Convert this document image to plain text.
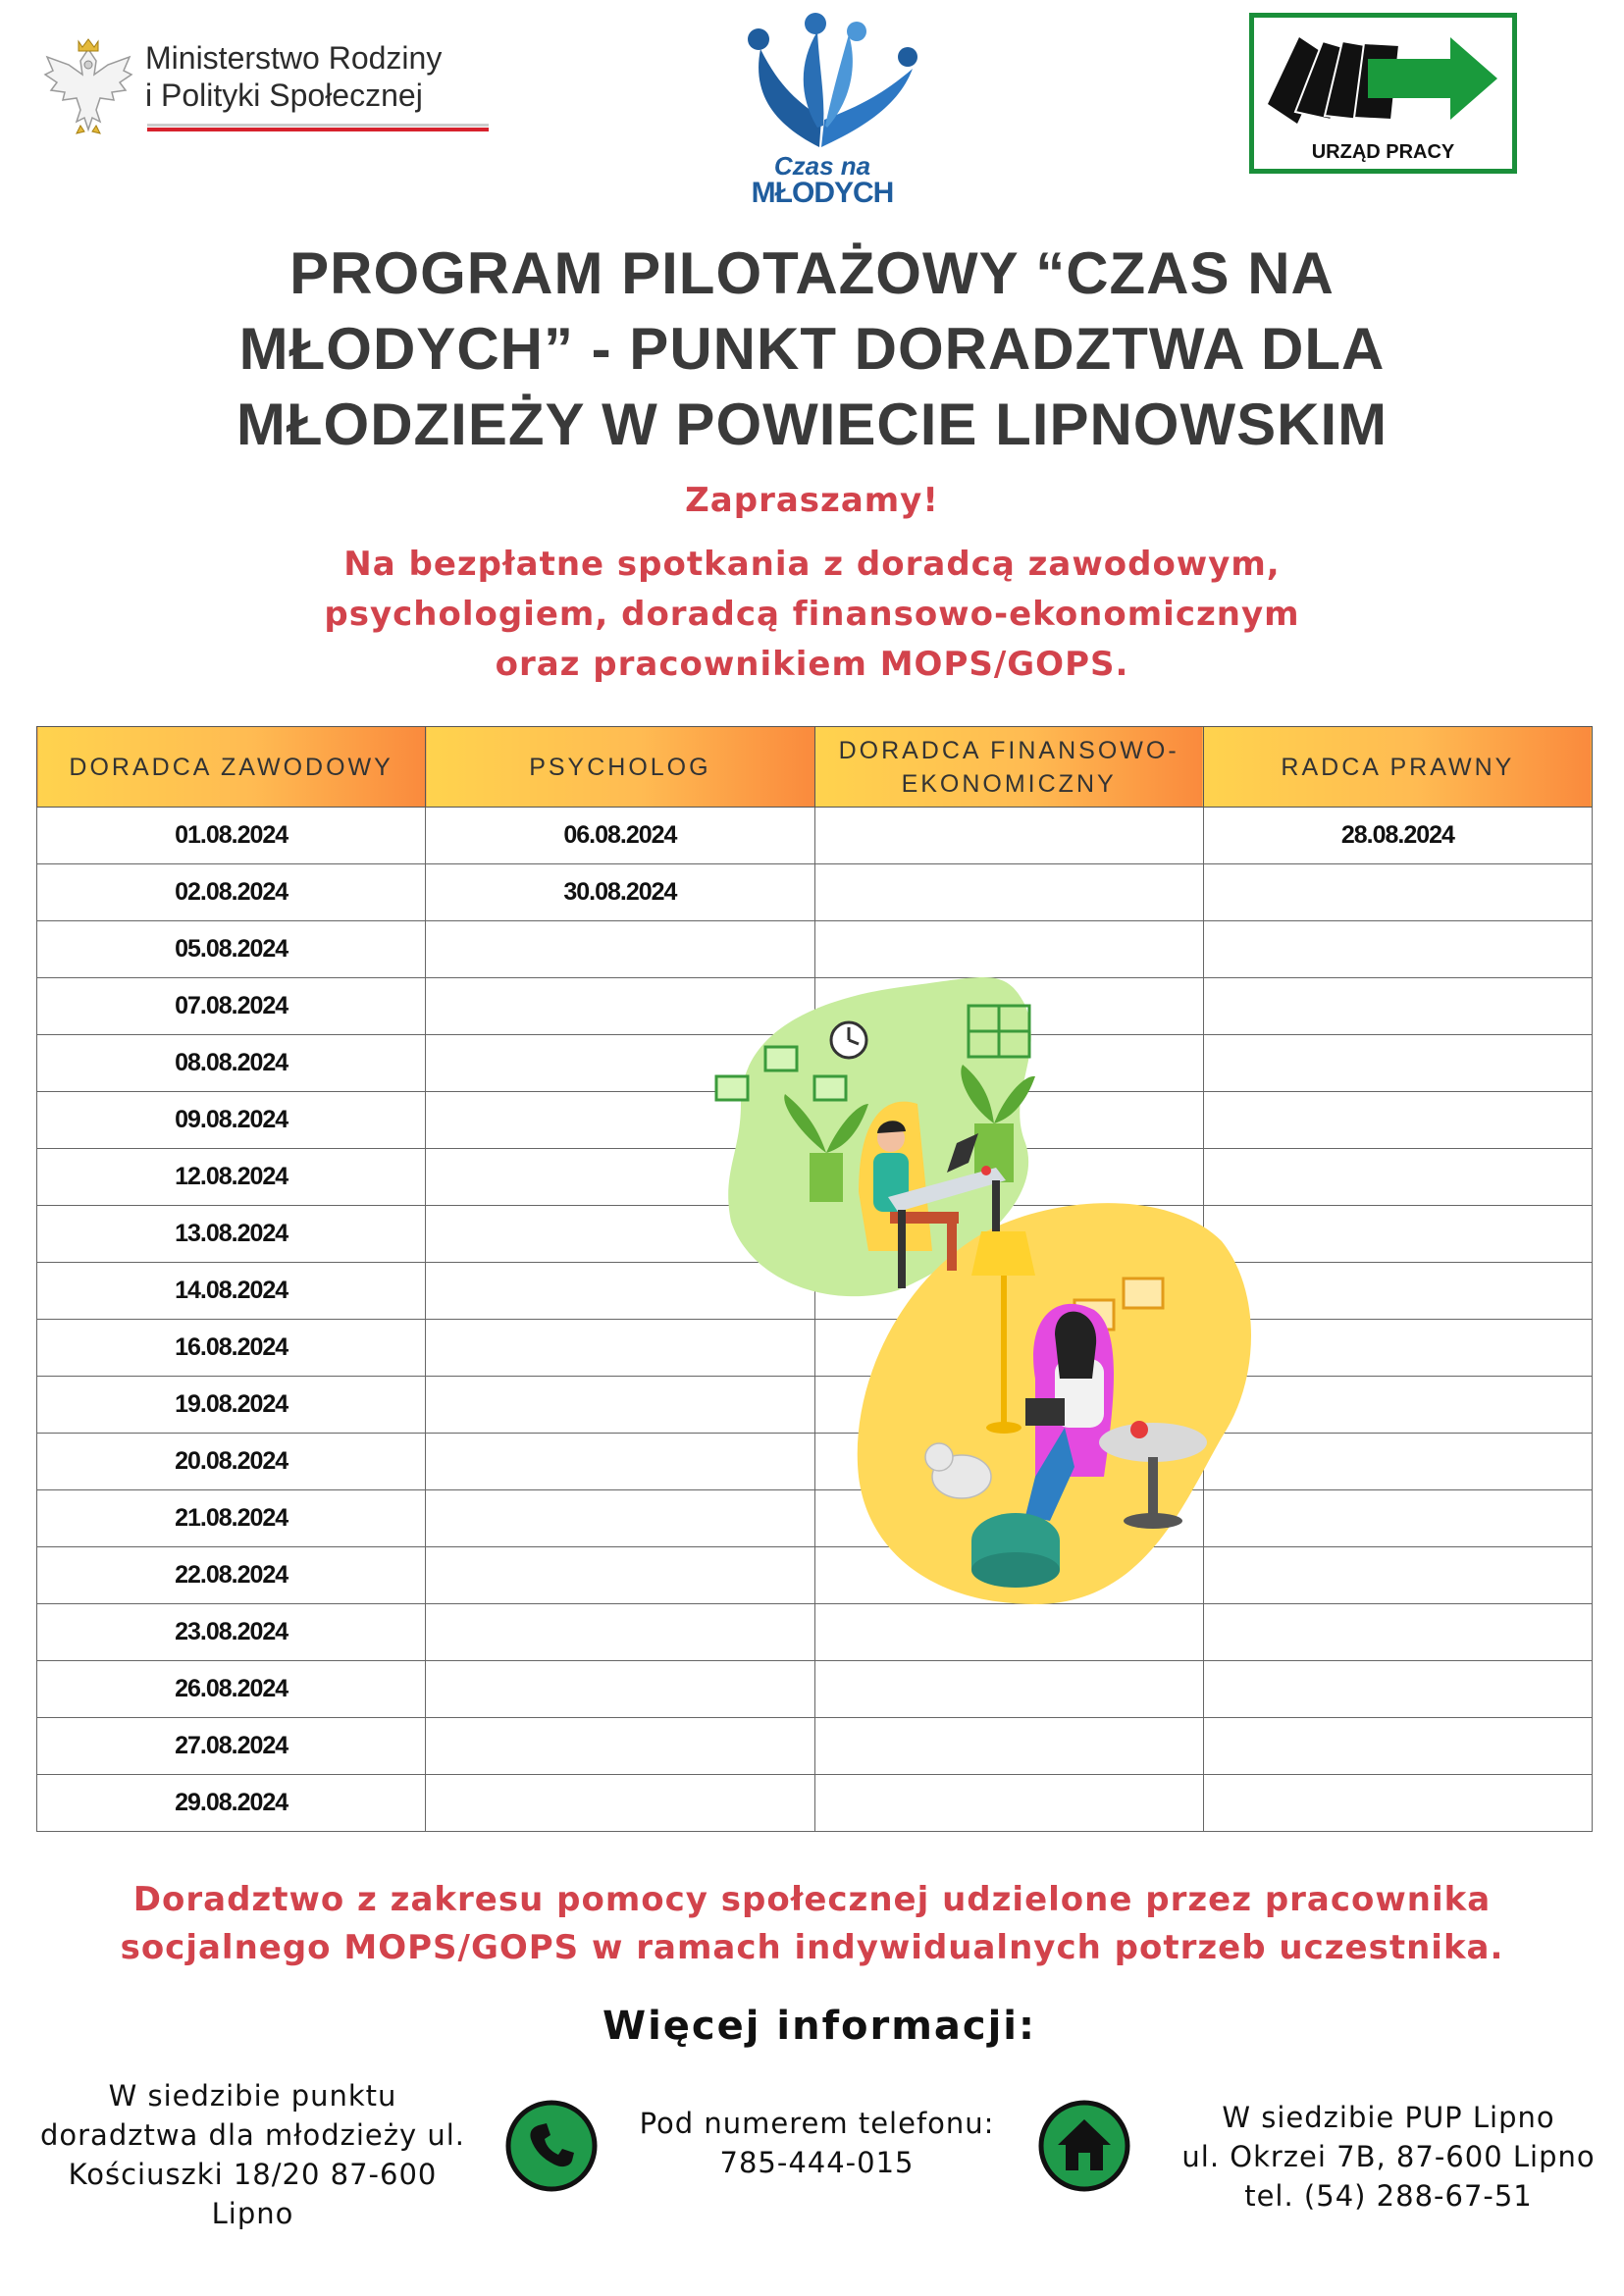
Ministerstwo Rodziny
i Polityki Społecznej
Czas na
MŁODYCH
URZĄD PRACY
PROGRAM PILOTAŻOWY “CZAS NA
MŁODYCH” - PUNKT DORADZTWA DLA
MŁODZIEŻY W POWIECIE LIPNOWSKIM
Zapraszamy!
Na bezpłatne spotkania z doradcą zawodowym,
psychologiem, doradcą finansowo-ekonomicznym
oraz pracownikiem MOPS/GOPS.
DORADCA ZAWODOWY	PSYCHOLOG	DORADCA FINANSOWO-EKONOMICZNY	RADCA PRAWNY
01.08.2024	06.08.2024		28.08.2024
02.08.2024	30.08.2024		
05.08.2024			
07.08.2024			
08.08.2024			
09.08.2024			
12.08.2024			
13.08.2024			
14.08.2024			
16.08.2024			
19.08.2024			
20.08.2024			
21.08.2024			
22.08.2024			
23.08.2024			
26.08.2024			
27.08.2024			
29.08.2024			
Doradztwo z zakresu pomocy społecznej udzielone przez pracownika
socjalnego MOPS/GOPS w ramach indywidualnych potrzeb uczestnika.
Więcej informacji:
W siedzibie punktu
doradztwa dla młodzieży ul.
Kościuszki 18/20 87-600
Lipno
Pod numerem telefonu:
785-444-015
W siedzibie PUP Lipno
ul. Okrzei 7B, 87-600 Lipno
tel. (54) 288-67-51
